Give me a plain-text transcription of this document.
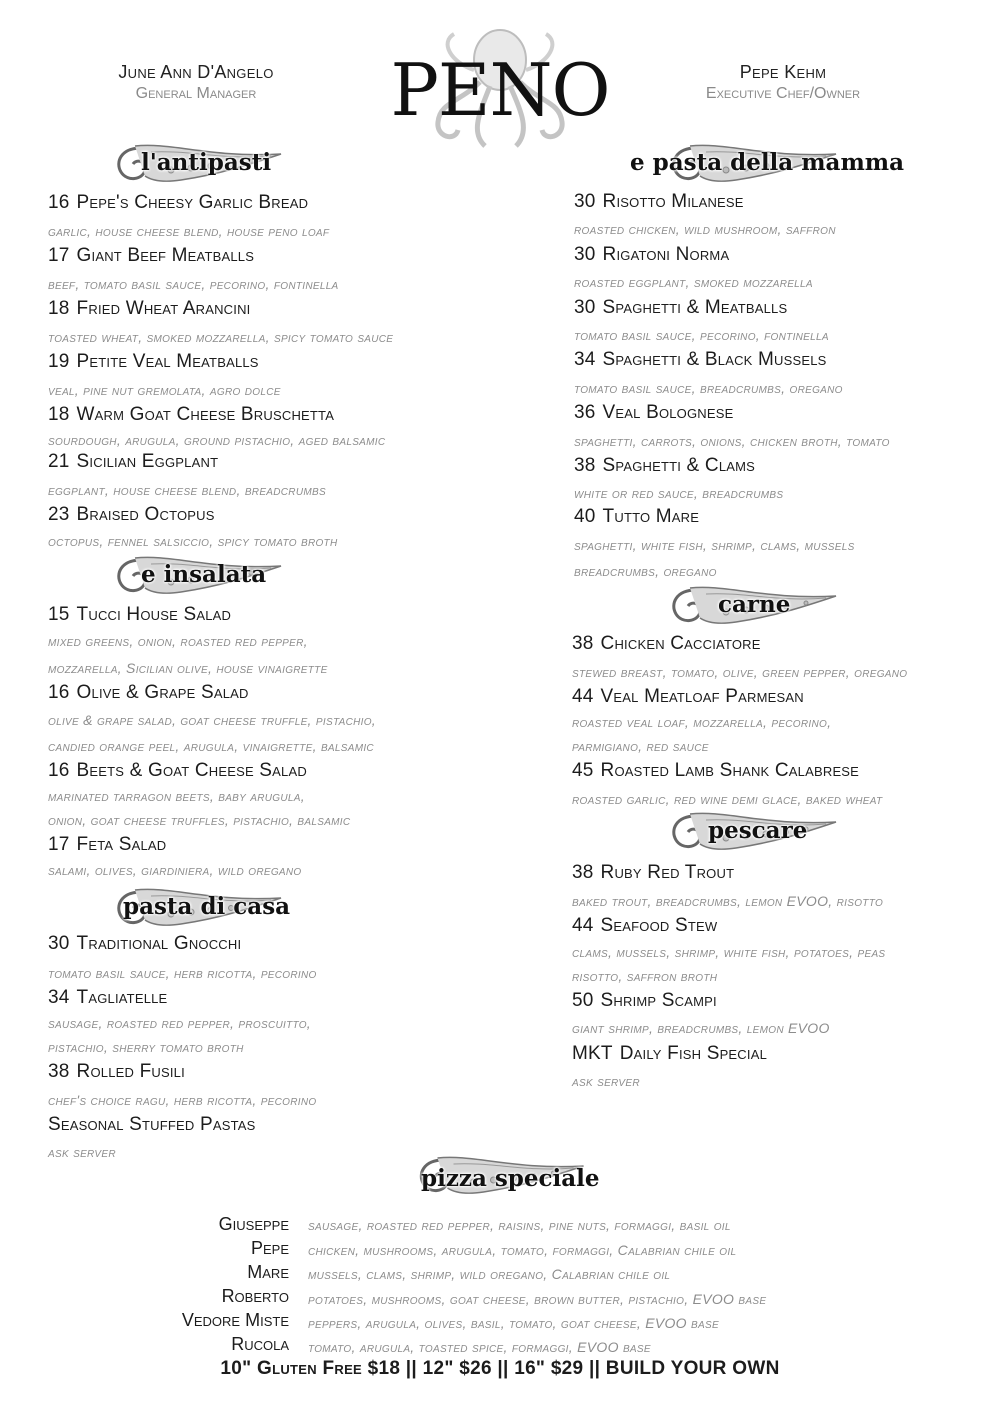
June Ann D'Angelo
General Manager
Pepe Kehm
Executive Chef/Owner
PENO
l'antipasti
e insalata
pasta di casa
e pasta della mamma
carne
pescare
16 Pepe's Cheesy Garlic Bread
garlic, house cheese blend, house peno loaf
17 Giant Beef Meatballs
beef, tomato basil sauce, pecorino, fontinella
18 Fried Wheat Arancini
toasted wheat, smoked mozzarella, spicy tomato sauce
19 Petite Veal Meatballs
veal, pine nut gremolata, agro dolce
18 Warm Goat Cheese Bruschetta
sourdough, arugula, ground pistachio, aged balsamic
21 Sicilian Eggplant
eggplant, house cheese blend, breadcrumbs
23 Braised Octopus
octopus, fennel salsiccio, spicy tomato broth
15 Tucci House Salad
mixed greens, onion, roasted red pepper,
mozzarella, Sicilian olive, house vinaigrette
16 Olive & Grape Salad
olive & grape salad, goat cheese truffle, pistachio,
candied orange peel, arugula, vinaigrette, balsamic
16 Beets & Goat Cheese Salad
marinated tarragon beets, baby arugula,
onion, goat cheese truffles, pistachio, balsamic
17 Feta Salad
salami, olives, giardiniera, wild oregano
30 Traditional Gnocchi
tomato basil sauce, herb ricotta, pecorino
34 Tagliatelle
sausage, roasted red pepper, proscuitto,
pistachio, sherry tomato broth
38 Rolled Fusili
chef's choice ragu, herb ricotta, pecorino
Seasonal Stuffed Pastas
ask server
30 Risotto Milanese
roasted chicken, wild mushroom, saffron
30 Rigatoni Norma
roasted eggplant, smoked mozzarella
30 Spaghetti & Meatballs
tomato basil sauce, pecorino, fontinella
34 Spaghetti & Black Mussels
tomato basil sauce, breadcrumbs, oregano
36 Veal Bolognese
spaghetti, carrots, onions, chicken broth, tomato
38 Spaghetti & Clams
white or red sauce, breadcrumbs
40 Tutto Mare
spaghetti, white fish, shrimp, clams, mussels
breadcrumbs, oregano
38 Chicken Cacciatore
stewed breast, tomato, olive, green pepper, oregano
44 Veal Meatloaf Parmesan
roasted veal loaf, mozzarella, pecorino,
parmigiano, red sauce
45 Roasted Lamb Shank Calabrese
roasted garlic, red wine demi glace, baked wheat
38 Ruby Red Trout
baked trout, breadcrumbs, lemon EVOO, risotto
44 Seafood Stew
clams, mussels, shrimp, white fish, potatoes, peas
risotto, saffron broth
50 Shrimp Scampi
giant shrimp, breadcrumbs, lemon EVOO
MKT Daily Fish Special
ask server
pizza speciale
Giuseppe sausage, roasted red pepper, raisins, pine nuts, formaggi, basil oil
Pepe chicken, mushrooms, arugula, tomato, formaggi, Calabrian chile oil
Mare mussels, clams, shrimp, wild oregano, Calabrian chile oil
Roberto potatoes, mushrooms, goat cheese, brown butter, pistachio, EVOO base
Vedore Miste peppers, arugula, olives, basil, tomato, goat cheese, EVOO base
Rucola tomato, arugula, toasted spice, formaggi, EVOO base
10" Gluten Free $18 || 12" $26 || 16" $29 || BUILD YOUR OWN
